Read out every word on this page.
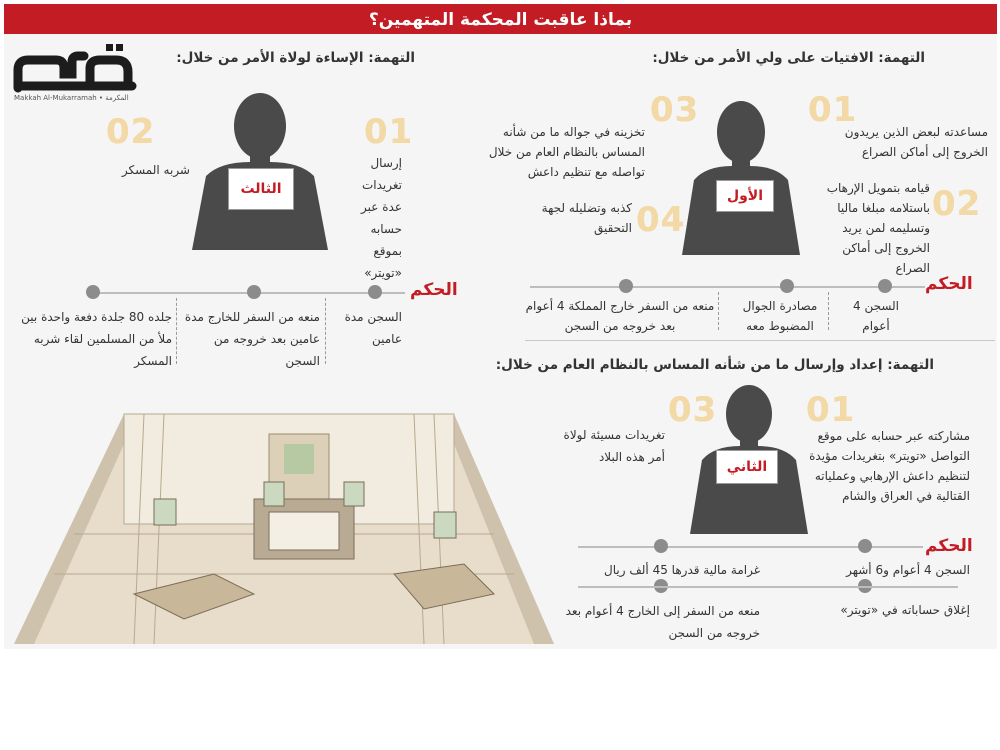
بماذا عاقبت المحكمة المتهمين؟
Makkah Al-Mukarramah • المكرمة
التهمة: الافتيات على ولي الأمر من خلال:
الأول
01
مساعدته لبعض الذين يريدون الخروج إلى أماكن الصراع
02
قيامه بتمويل الإرهاب باستلامه مبلغا ماليا وتسليمه لمن يريد الخروج إلى أماكن الصراع
03
تخزينه في جواله ما من شأنه المساس بالنظام العام من خلال تواصله مع تنظيم داعش
04
كذبه وتضليله لجهة التحقيق
الحكم
السجن 4 أعوام
مصادرة الجوال المضبوط معه
منعه من السفر خارج المملكة 4 أعوام بعد خروجه من السجن
التهمة: الإساءة لولاة الأمر من خلال:
الثالث
01
إرسال تغريدات عدة عبر حسابه بموقع «تويتر»
02
شربه المسكر
الحكم
السجن مدة عامين
منعه من السفر للخارج مدة عامين بعد خروجه من السجن
جلده 80 جلدة دفعة واحدة بين ملأ من المسلمين لقاء شربه المسكر	التهمة: إعداد وإرسال ما من شأنه المساس بالنظام العام من خلال:
الثاني
01
مشاركته عبر حسابه على موقع التواصل «تويتر» بتغريدات مؤيدة لتنظيم داعش الإرهابي وعملياته القتالية في العراق والشام
03
تغريدات مسيئة لولاة أمر هذه البلاد
الحكم
السجن 4 أعوام و6 أشهر
غرامة مالية قدرها 45 ألف ريال
إغلاق حساباته في «تويتر»
منعه من السفر إلى الخارج 4 أعوام بعد خروجه من السجن
